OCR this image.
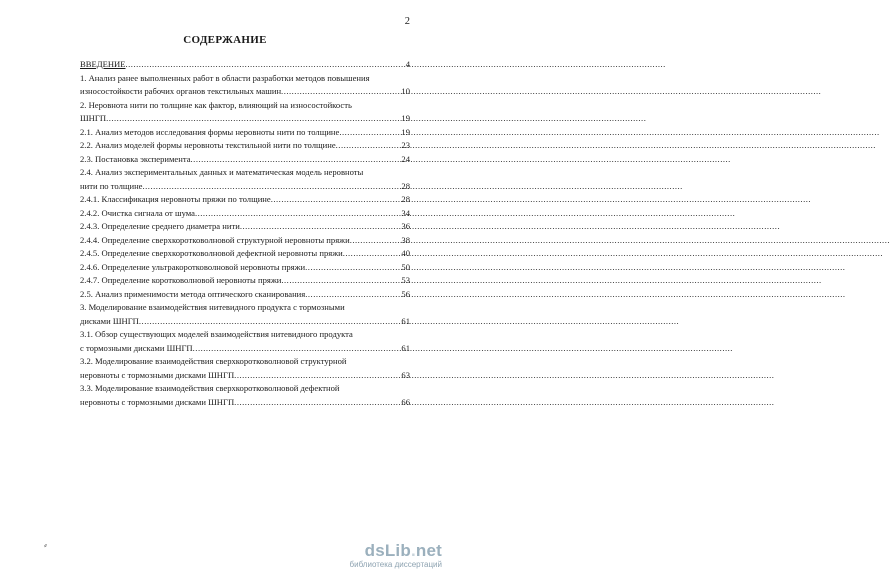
2
СОДЕРЖАНИЕ
ВВЕДЕНИЕ .....	4
1. Анализ ранее выполненных работ в области разработки методов повышения
износостойкости рабочих органов текстильных машин .....	10
2. Неровнота нити по толщине как фактор, влияющий на износостойкость
ШНГП .....	19
2.1. Анализ методов исследования формы неровноты нити по толщине .....	19
2.2. Анализ моделей формы неровноты текстильной нити по толщине .....	23
2.3. Постановка эксперимента .....	24
2.4. Анализ экспериментальных данных и математическая модель неровноты
нити по толщине .....	28
2.4.1. Классификация неровноты пряжи по толщине .....	28
2.4.2. Очистка сигнала от шума .....	34
2.4.3. Определение среднего диаметра нити .....	36
2.4.4. Определение сверхкоротковолновой структурной неровноты пряжи .....	38
2.4.5. Определение сверхкоротковолновой дефектной неровноты пряжи .....	40
2.4.6. Определение ультракоротковолновой неровноты пряжи .....	50
2.4.7. Определение коротковолновой неровноты пряжи .....	53
2.5. Анализ применимости метода оптического сканирования .....	56
3. Моделирование взаимодействия нитевидного продукта с тормозными
дисками ШНГП .....	61
3.1. Обзор существующих моделей взаимодействия нитевидного продукта
с тормозными дисками ШНГП .....	61
3.2. Моделирование взаимодействия сверхкоротковолновой структурной
неровноты с тормозными дисками ШНГП .....	63
3.3. Моделирование взаимодействия сверхкоротковолновой дефектной
неровноты с тормозными дисками ШНГП .....	66
⸗	dsLib.net
библиотека диссертаций
